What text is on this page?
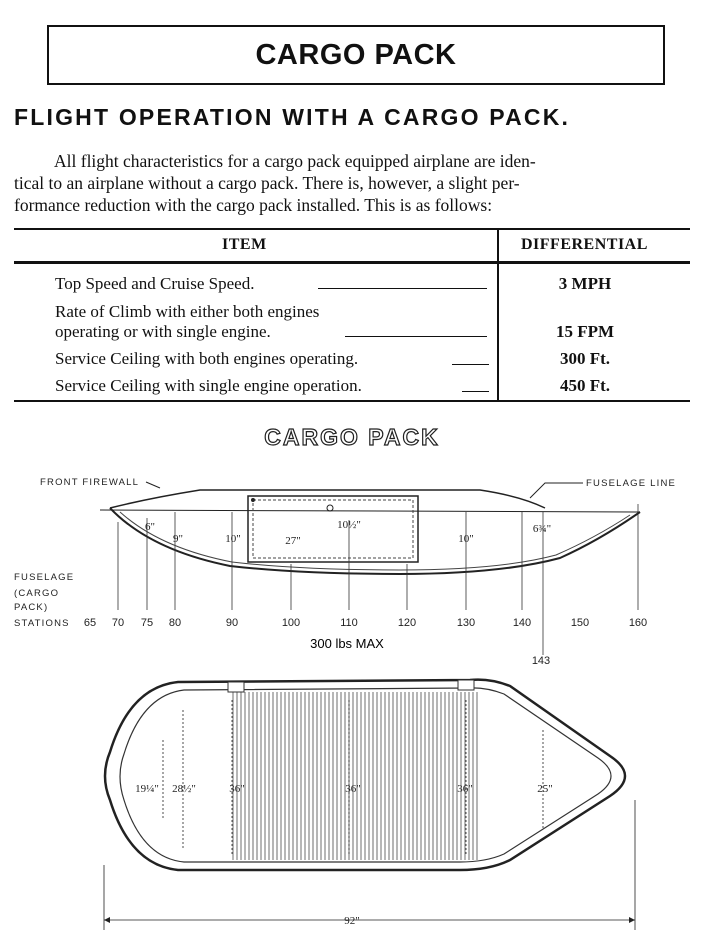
CARGO PACK
FLIGHT OPERATION WITH A CARGO PACK.
All flight characteristics for a cargo pack equipped airplane are iden-
tical to an airplane without a cargo pack. There is, however, a slight per-
formance reduction with the cargo pack installed. This is as follows:
ITEM	DIFFERENTIAL
Top Speed and Cruise Speed.	3 MPH
Rate of Climb with either both engines
operating or with single engine.	15 FPM
Service Ceiling with both engines operating.	300 Ft.
Service Ceiling with single engine operation.	450 Ft.
CARGO PACK
FRONT FIREWALL	FUSELAGE LINE
FUSELAGE
(CARGO
PACK)
STATIONS 65 70 75 80	90	100	110	120	130	140	150	160
6"
9"	10"	27"
10½"
10"
6¾"
300 lbs MAX
143
19¼" 28½"	25"
92"
